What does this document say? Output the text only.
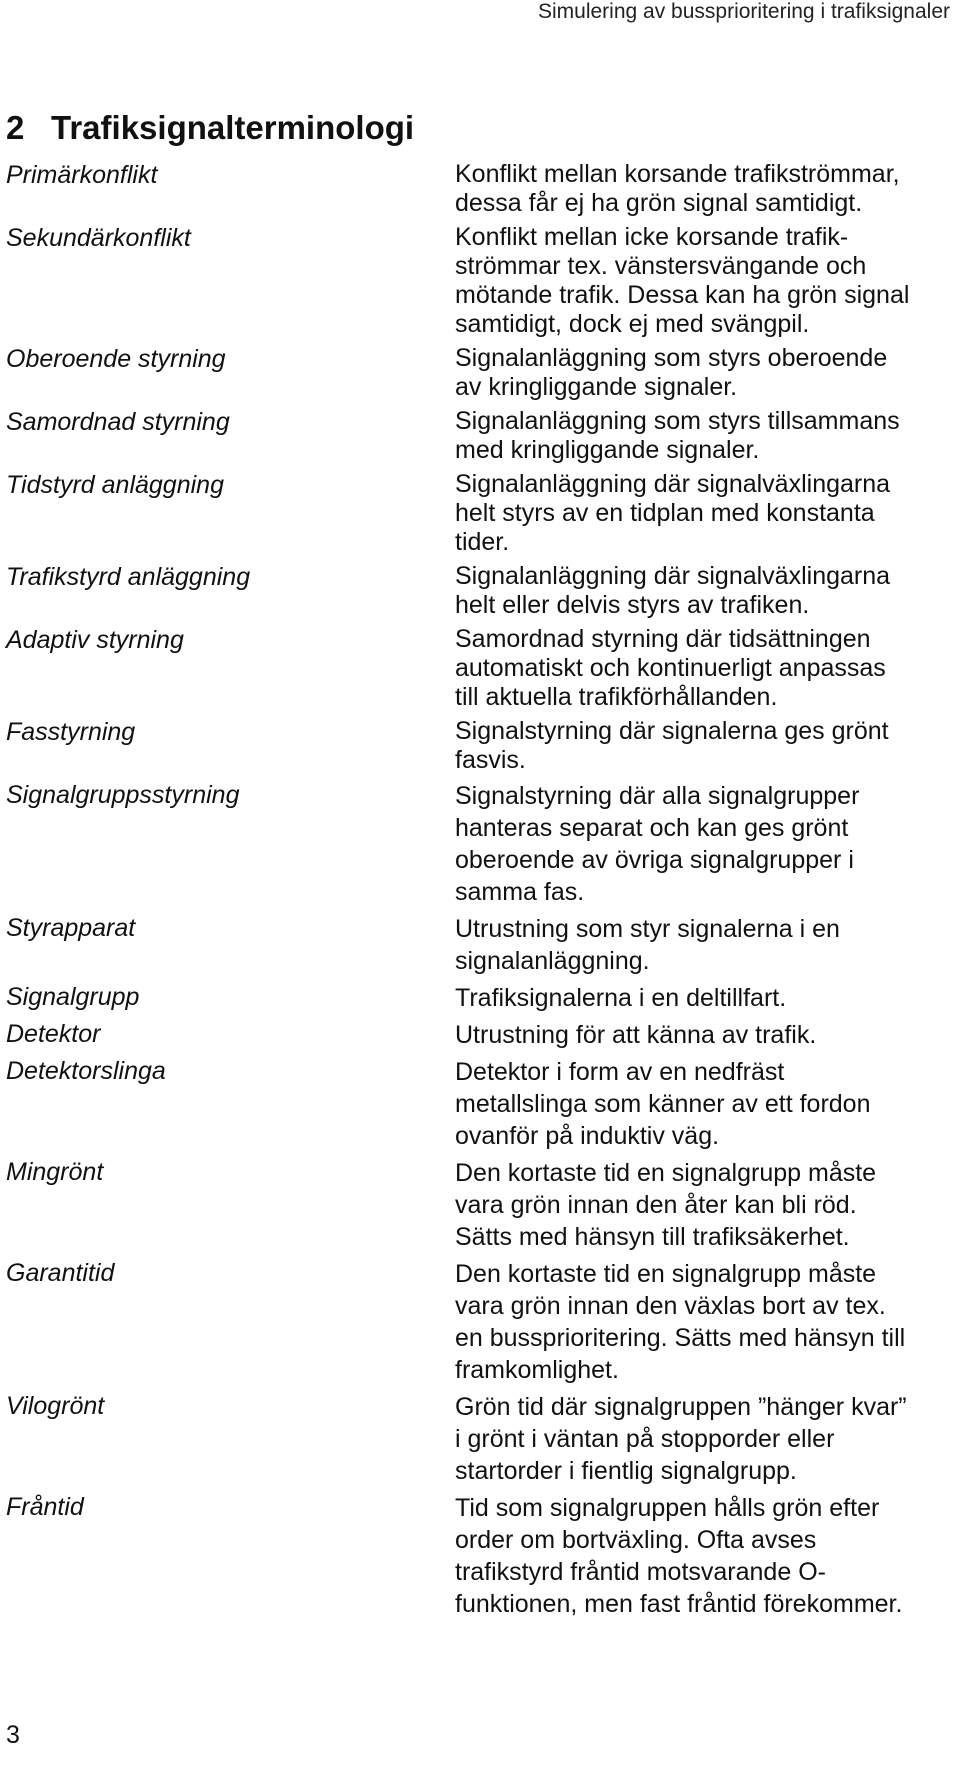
Simulering av bussprioritering i trafiksignaler
2 Trafiksignalterminologi
Primärkonflikt	Konflikt mellan korsande trafikströmmar,
dessa får ej ha grön signal samtidigt.
Sekundärkonflikt	Konflikt mellan icke korsande trafik-
strömmar tex. vänstersvängande och
mötande trafik. Dessa kan ha grön signal
samtidigt, dock ej med svängpil.
Oberoende styrning	Signalanläggning som styrs oberoende
av kringliggande signaler.
Samordnad styrning	Signalanläggning som styrs tillsammans
med kringliggande signaler.
Tidstyrd anläggning	Signalanläggning där signalväxlingarna
helt styrs av en tidplan med konstanta
tider.
Trafikstyrd anläggning	Signalanläggning där signalväxlingarna
helt eller delvis styrs av trafiken.
Adaptiv styrning	Samordnad styrning där tidsättningen
automatiskt och kontinuerligt anpassas
till aktuella trafikförhållanden.
Fasstyrning	Signalstyrning där signalerna ges grönt
fasvis.
Signalgruppsstyrning	Signalstyrning där alla signalgrupper
hanteras separat och kan ges grönt
oberoende av övriga signalgrupper i
samma fas.
Styrapparat	Utrustning som styr signalerna i en
signalanläggning.
Signalgrupp	Trafiksignalerna i en deltillfart.
Detektor	Utrustning för att känna av trafik.
Detektorslinga	Detektor i form av en nedfräst
metallslinga som känner av ett fordon
ovanför på induktiv väg.
Mingrönt	Den kortaste tid en signalgrupp måste
vara grön innan den åter kan bli röd.
Sätts med hänsyn till trafiksäkerhet.
Garantitid	Den kortaste tid en signalgrupp måste
vara grön innan den växlas bort av tex.
en bussprioritering. Sätts med hänsyn till
framkomlighet.
Vilogrönt	Grön tid där signalgruppen ”hänger kvar”
i grönt i väntan på stopporder eller
startorder i fientlig signalgrupp.
Fråntid	Tid som signalgruppen hålls grön efter
order om bortväxling. Ofta avses
trafikstyrd fråntid motsvarande O-
funktionen, men fast fråntid förekommer.
3
